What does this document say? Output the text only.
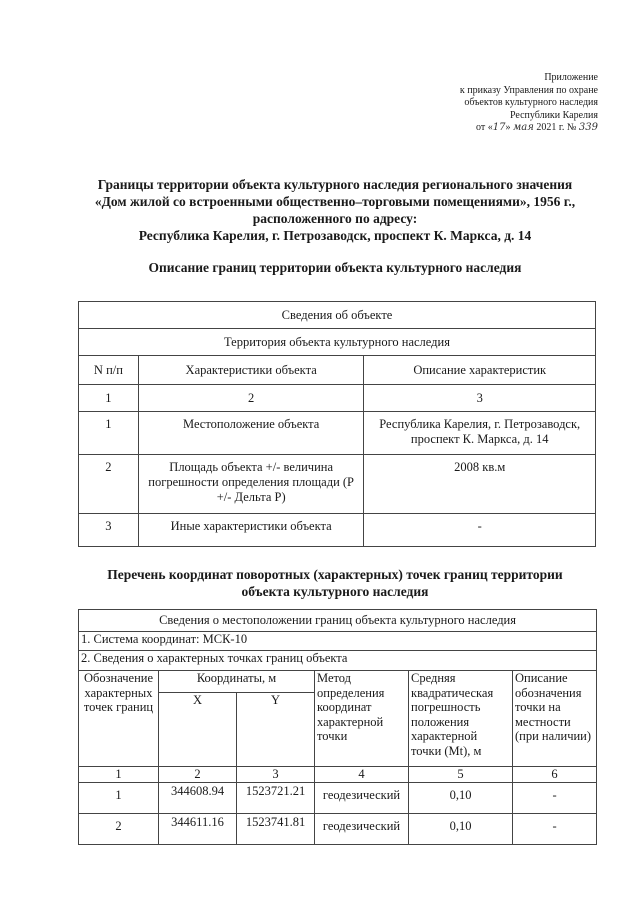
Приложение
к приказу Управления по охране
объектов культурного наследия
Республики Карелия
от «17» мая 2021 г. № 339
Границы территории объекта культурного наследия регионального значения
«Дом жилой со встроенными общественно–торговыми помещениями», 1956 г.,
расположенного по адресу:
Республика Карелия, г. Петрозаводск, проспект К. Маркса, д. 14
Описание границ территории объекта культурного наследия
Сведения об объекте		
Территория объекта культурного наследия		
N п/п	Характеристики объекта	Описание характеристик
1	2	3
1	Местоположение объекта	Республика Карелия, г. Петрозаводск, проспект К. Маркса, д. 14
2	Площадь объекта +/- величина погрешности определения площади (P +/- Дельта P)	2008 кв.м
3	Иные характеристики объекта	-
Перечень координат поворотных (характерных) точек границ территории
объекта культурного наследия
Сведения о местоположении границ объекта культурного наследия					
1. Система координат: МСК-10					
2. Сведения о характерных точках границ объекта					
Обозначение характерных точек границ	Координаты, м		Метод определения координат характерной точки	Средняя квадратическая погрешность положения характерной точки (Mt), м	Описание обозначения точки на местности (при наличии)
	X	Y			
1	2	3	4	5	6
1	344608.94	1523721.21	геодезический	0,10	-
2	344611.16	1523741.81	геодезический	0,10	-
